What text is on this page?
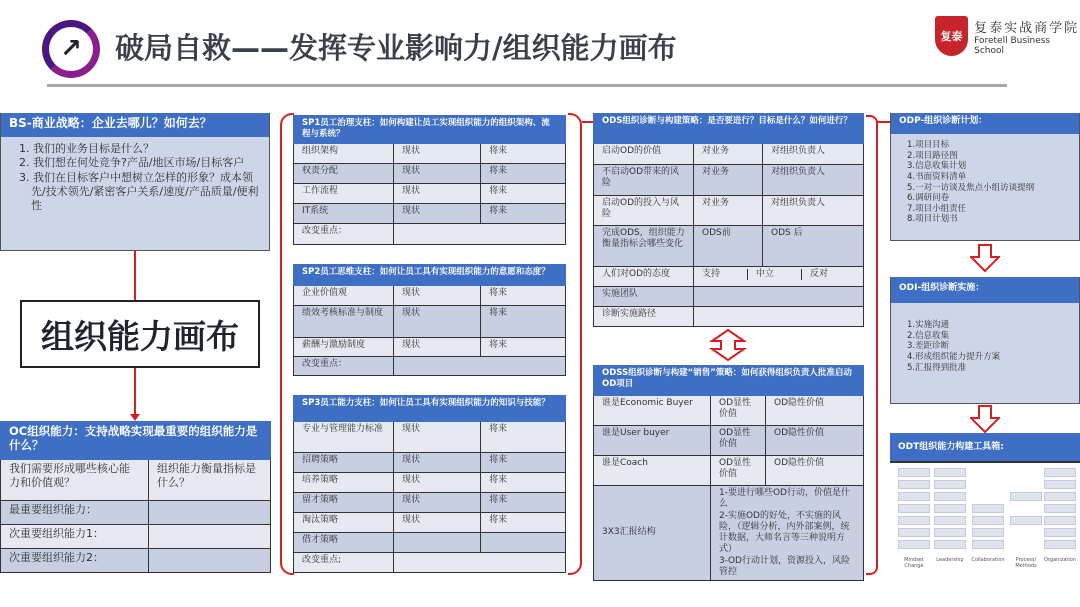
↗	破局自救——发挥专业影响力/组织能力画布	复泰
复泰实战商学院
Foretell Business School
BS-商业战略：企业去哪儿？如何去？
1. 我们的业务目标是什么？
2. 我们想在何处竞争?产品/地区市场/目标客户
3. 我们在目标客户中想树立怎样的形象？成本领先/技术领先/紧密客户关系/速度/产品质量/便利性
组织能力画布
OC组织能力：支持战略实现最重要的组织能力是什么？	
我们需要形成哪些核心能力和价值观？	组织能力衡量指标是什么？
最重要组织能力：	
次重要组织能力1：	
次重要组织能力2：	
SP1员工治理支柱：如何构建让员工实现组织能力的组织架构、流程与系统？		
组织架构	现状	将来
权责分配	现状	将来
工作流程	现状	将来
IT系统	现状	将来
改变重点：		
SP2员工思维支柱：如何让员工具有实现组织能力的意愿和态度？		
企业价值观	现状	将来
绩效考核标准与制度	现状	将来
薪酬与激励制度	现状	将来
改变重点：		
SP3员工能力支柱：如何让员工具有实现组织能力的知识与技能？		
专业与管理能力标准	现状	将来
招聘策略	现状	将来
培养策略	现状	将来
留才策略	现状	将来
淘汰策略	现状	将来
借才策略		
改变重点;		
ODS组织诊断与构建策略：是否要进行？目标是什么？如何进行？		
启动OD的价值	对业务	对组织负责人
不启动OD带来的风险	对业务	对组织负责人
启动OD的投入与风险	对业务	对组织负责人
完成ODS，组织能力衡量指标会哪些变化	ODS前	ODS 后
人们对OD的态度	支持 中立 反对	

实施团队		
诊断实施路径		
ODSS组织诊断与构建“销售”策略：如何获得组织负责人批准启动OD项目		
谁是Economic Buyer	OD显性价值	OD隐性价值
谁是User buyer	OD显性价值	OD隐性价值
谁是Coach	OD显性价值	OD隐性价值
3X3汇报结构	1-要进行哪些OD行动，价值是什么
2-实施OD的好处，不实施的风险，（逻辑分析，内外部案例，统计数据，大师名言等三种说明方式）
3-OD行动计划，资源投入，风险管控	
ODP-组织诊断计划：
1.项目目标
2.项目路径图
3.信息收集计划
4.书面资料清单
5.一对一访谈及焦点小组访谈提纲
6.调研问卷
7.项目小组责任
8.项目计划书
ODI-组织诊断实施：
1.实施沟通
2.信息收集
3.差距诊断
4.形成组织能力提升方案
5.汇报得到批准
ODT组织能力构建工具箱:
Mindset Change
Leadership	Collaboration	Process/ Methods
Organization
